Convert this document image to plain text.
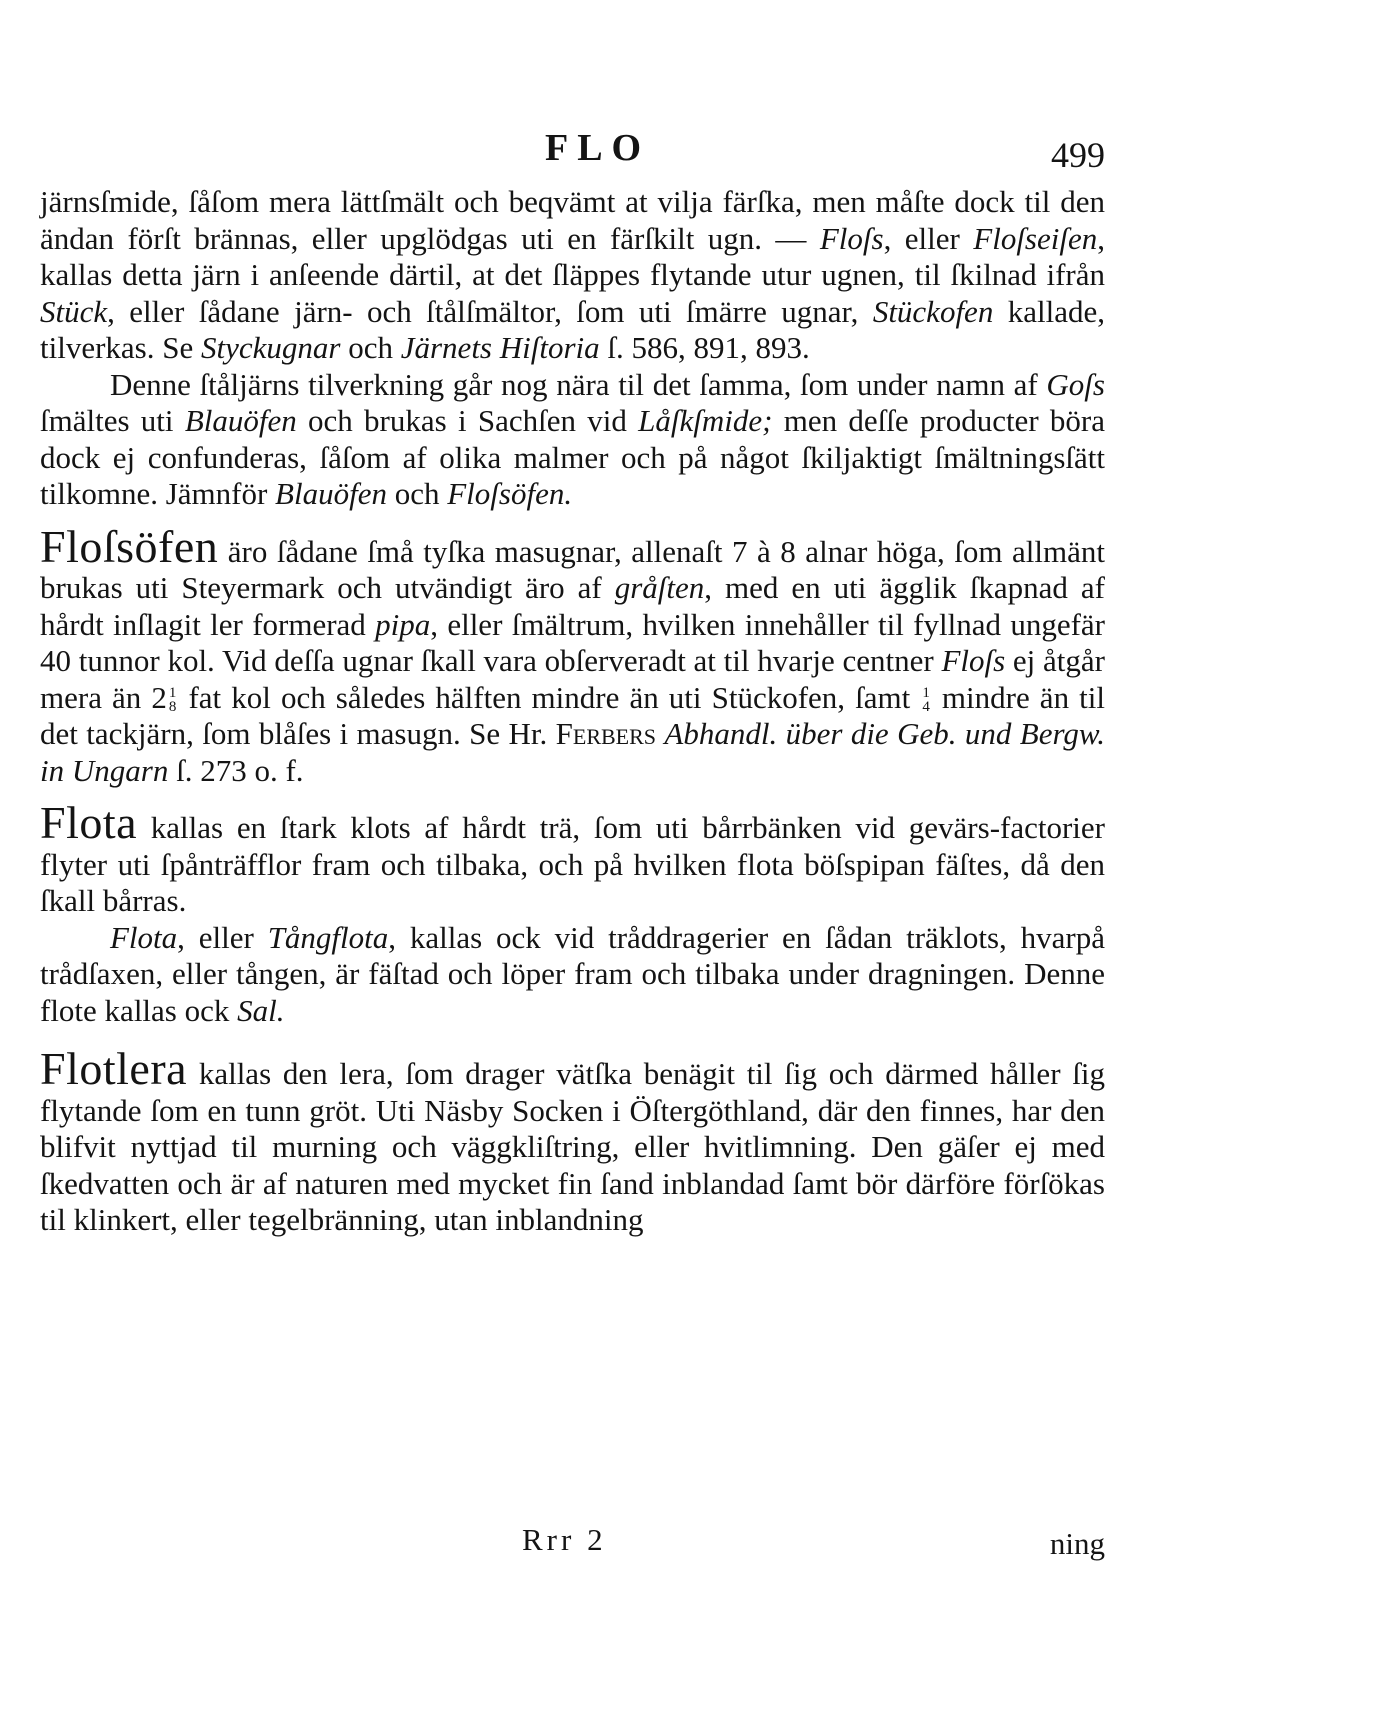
FLO	499

järnsſmide, ſåſom mera lättſmält och beqvämt at vilja färſka, men måſte dock til den ändan förſt brännas, eller upglödgas uti en färſkilt ugn. — Floſs, eller Floſseiſen, kallas detta järn i anſeende därtil, at det ſläppes flytande utur ugnen, til ſkilnad ifrån Stück, eller ſådane järn- och ſtålſmältor, ſom uti ſmärre ugnar, Stückofen kallade, tilverkas. Se Styckugnar och Järnets Hiſtoria ſ. 586, 891, 893.

Denne ſtåljärns tilverkning går nog nära til det ſamma, ſom under namn af Goſs ſmältes uti Blauöfen och brukas i Sachſen vid Låſkſmide; men deſſe producter böra dock ej confunderas, ſåſom af olika malmer och på något ſkiljaktigt ſmältningsſätt tilkomne. Jämnför Blauöfen och Floſsöfen.

Floſsöfen äro ſådane ſmå tyſka masugnar, allenaſt 7 à 8 alnar höga, ſom allmänt brukas uti Steyermark och utvändigt äro af gråſten, med en uti ägglik ſkapnad af hårdt inſlagit ler formerad pipa, eller ſmältrum, hvilken innehåller til fyllnad ungefär 40 tunnor kol. Vid deſſa ugnar ſkall vara obſerveradt at til hvarje centner Floſs ej åtgår mera än 2 1
8 fat kol och således hälften mindre än uti Stückofen, ſamt 1
4 mindre än til det tackjärn, ſom blåſes i masugn. Se Hr. Ferbers Abhandl. über die Geb. und Bergw. in Ungarn ſ. 273 o. f.

Flota kallas en ſtark klots af hårdt trä, ſom uti bårrbänken vid gevärs-factorier flyter uti ſpånträfflor fram och tilbaka, och på hvilken flota böſspipan fäſtes, då den ſkall bårras.

Flota, eller Tångflota, kallas ock vid tråddragerier en ſådan träklots, hvarpå trådſaxen, eller tången, är fäſtad och löper fram och tilbaka under dragningen. Denne flote kallas ock Sal.

Flotlera kallas den lera, ſom drager vätſka benägit til ſig och därmed håller ſig flytande ſom en tunn gröt. Uti Näsby Socken i Öſtergöthland, där den finnes, har den blifvit nyttjad til murning och väggkliſtring, eller hvitlimning. Den gäſer ej med ſkedvatten och är af naturen med mycket fin ſand inblandad ſamt bör därföre förſökas til klinkert, eller tegelbränning, utan inblandning

Rrr 2	ning
